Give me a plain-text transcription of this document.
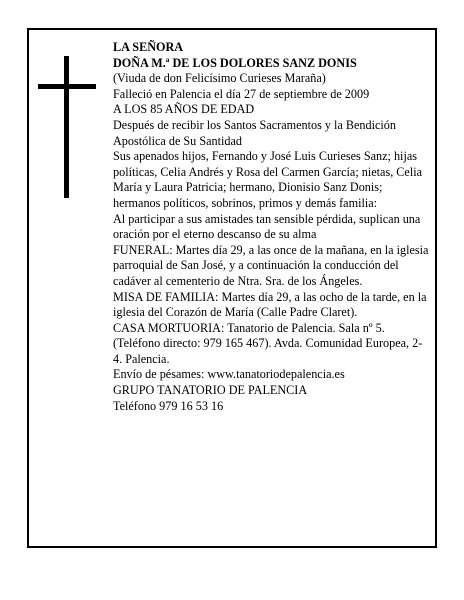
LA SEÑORA

DOÑA M.ª DE LOS DOLORES SANZ DONIS

(Viuda de don Felicísimo Curieses Maraña)

Falleció en Palencia el día 27 de septiembre de 2009

A LOS 85 AÑOS DE EDAD

Después de recibir los Santos Sacramentos y la Bendición Apostólica de Su Santidad

Sus apenados hijos, Fernando y José Luis Curieses Sanz; hijas políticas, Celia Andrés y Rosa del Carmen García; nietas, Celia María y Laura Patricia; hermano, Dionisio Sanz Donis; hermanos políticos, sobrinos, primos y demás familia:

Al participar a sus amistades tan sensible pérdida, suplican una oración por el eterno descanso de su alma

FUNERAL: Martes día 29, a las once de la mañana, en la iglesia parroquial de San José, y a continuación la conducción del cadáver al cementerio de Ntra. Sra. de los Ángeles.

MISA DE FAMILIA: Martes día 29, a las ocho de la tarde, en la iglesia del Corazón de María (Calle Padre Claret).

CASA MORTUORIA: Tanatorio de Palencia. Sala nº 5. (Teléfono directo: 979 165 467). Avda. Comunidad Europea, 2-4. Palencia.

Envío de pésames: www.tanatoriodepalencia.es

GRUPO TANATORIO DE PALENCIA

Teléfono 979 16 53 16
